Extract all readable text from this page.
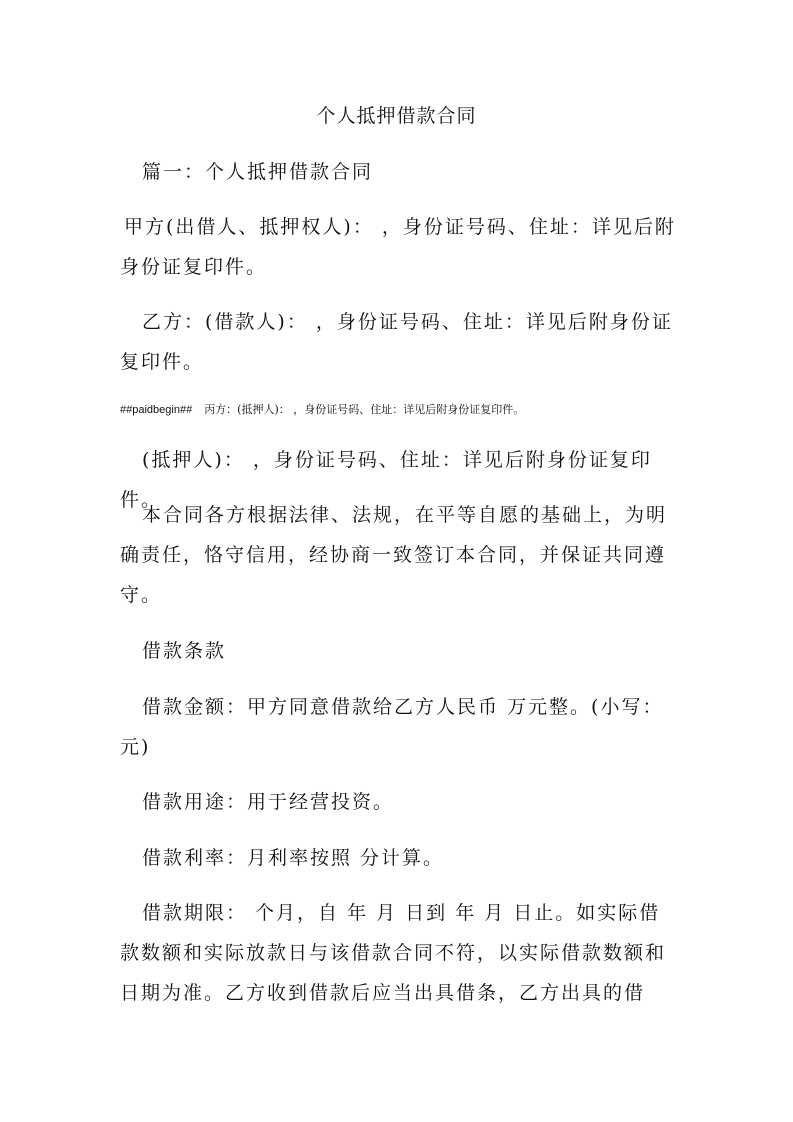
个人抵押借款合同

篇一：个人抵押借款合同

甲方(出借人、抵押权人)： ，身份证号码、住址：详见后附身份证复印件。

乙方：(借款人)： ，身份证号码、住址：详见后附身份证复印件。

##paidbegin## 丙方：(抵押人)： ，身份证号码、住址：详见后附身份证复印件。

(抵押人)： ，身份证号码、住址：详见后附身份证复印件。

本合同各方根据法律、法规，在平等自愿的基础上，为明确责任，恪守信用，经协商一致签订本合同，并保证共同遵守。

借款条款

借款金额：甲方同意借款给乙方人民币 万元整。(小写：元)

借款用途：用于经营投资。

借款利率：月利率按照 分计算。

借款期限： 个月，自 年 月 日到 年 月 日止。如实际借款数额和实际放款日与该借款合同不符，以实际借款数额和日期为准。乙方收到借款后应当出具借条，乙方出具的借
